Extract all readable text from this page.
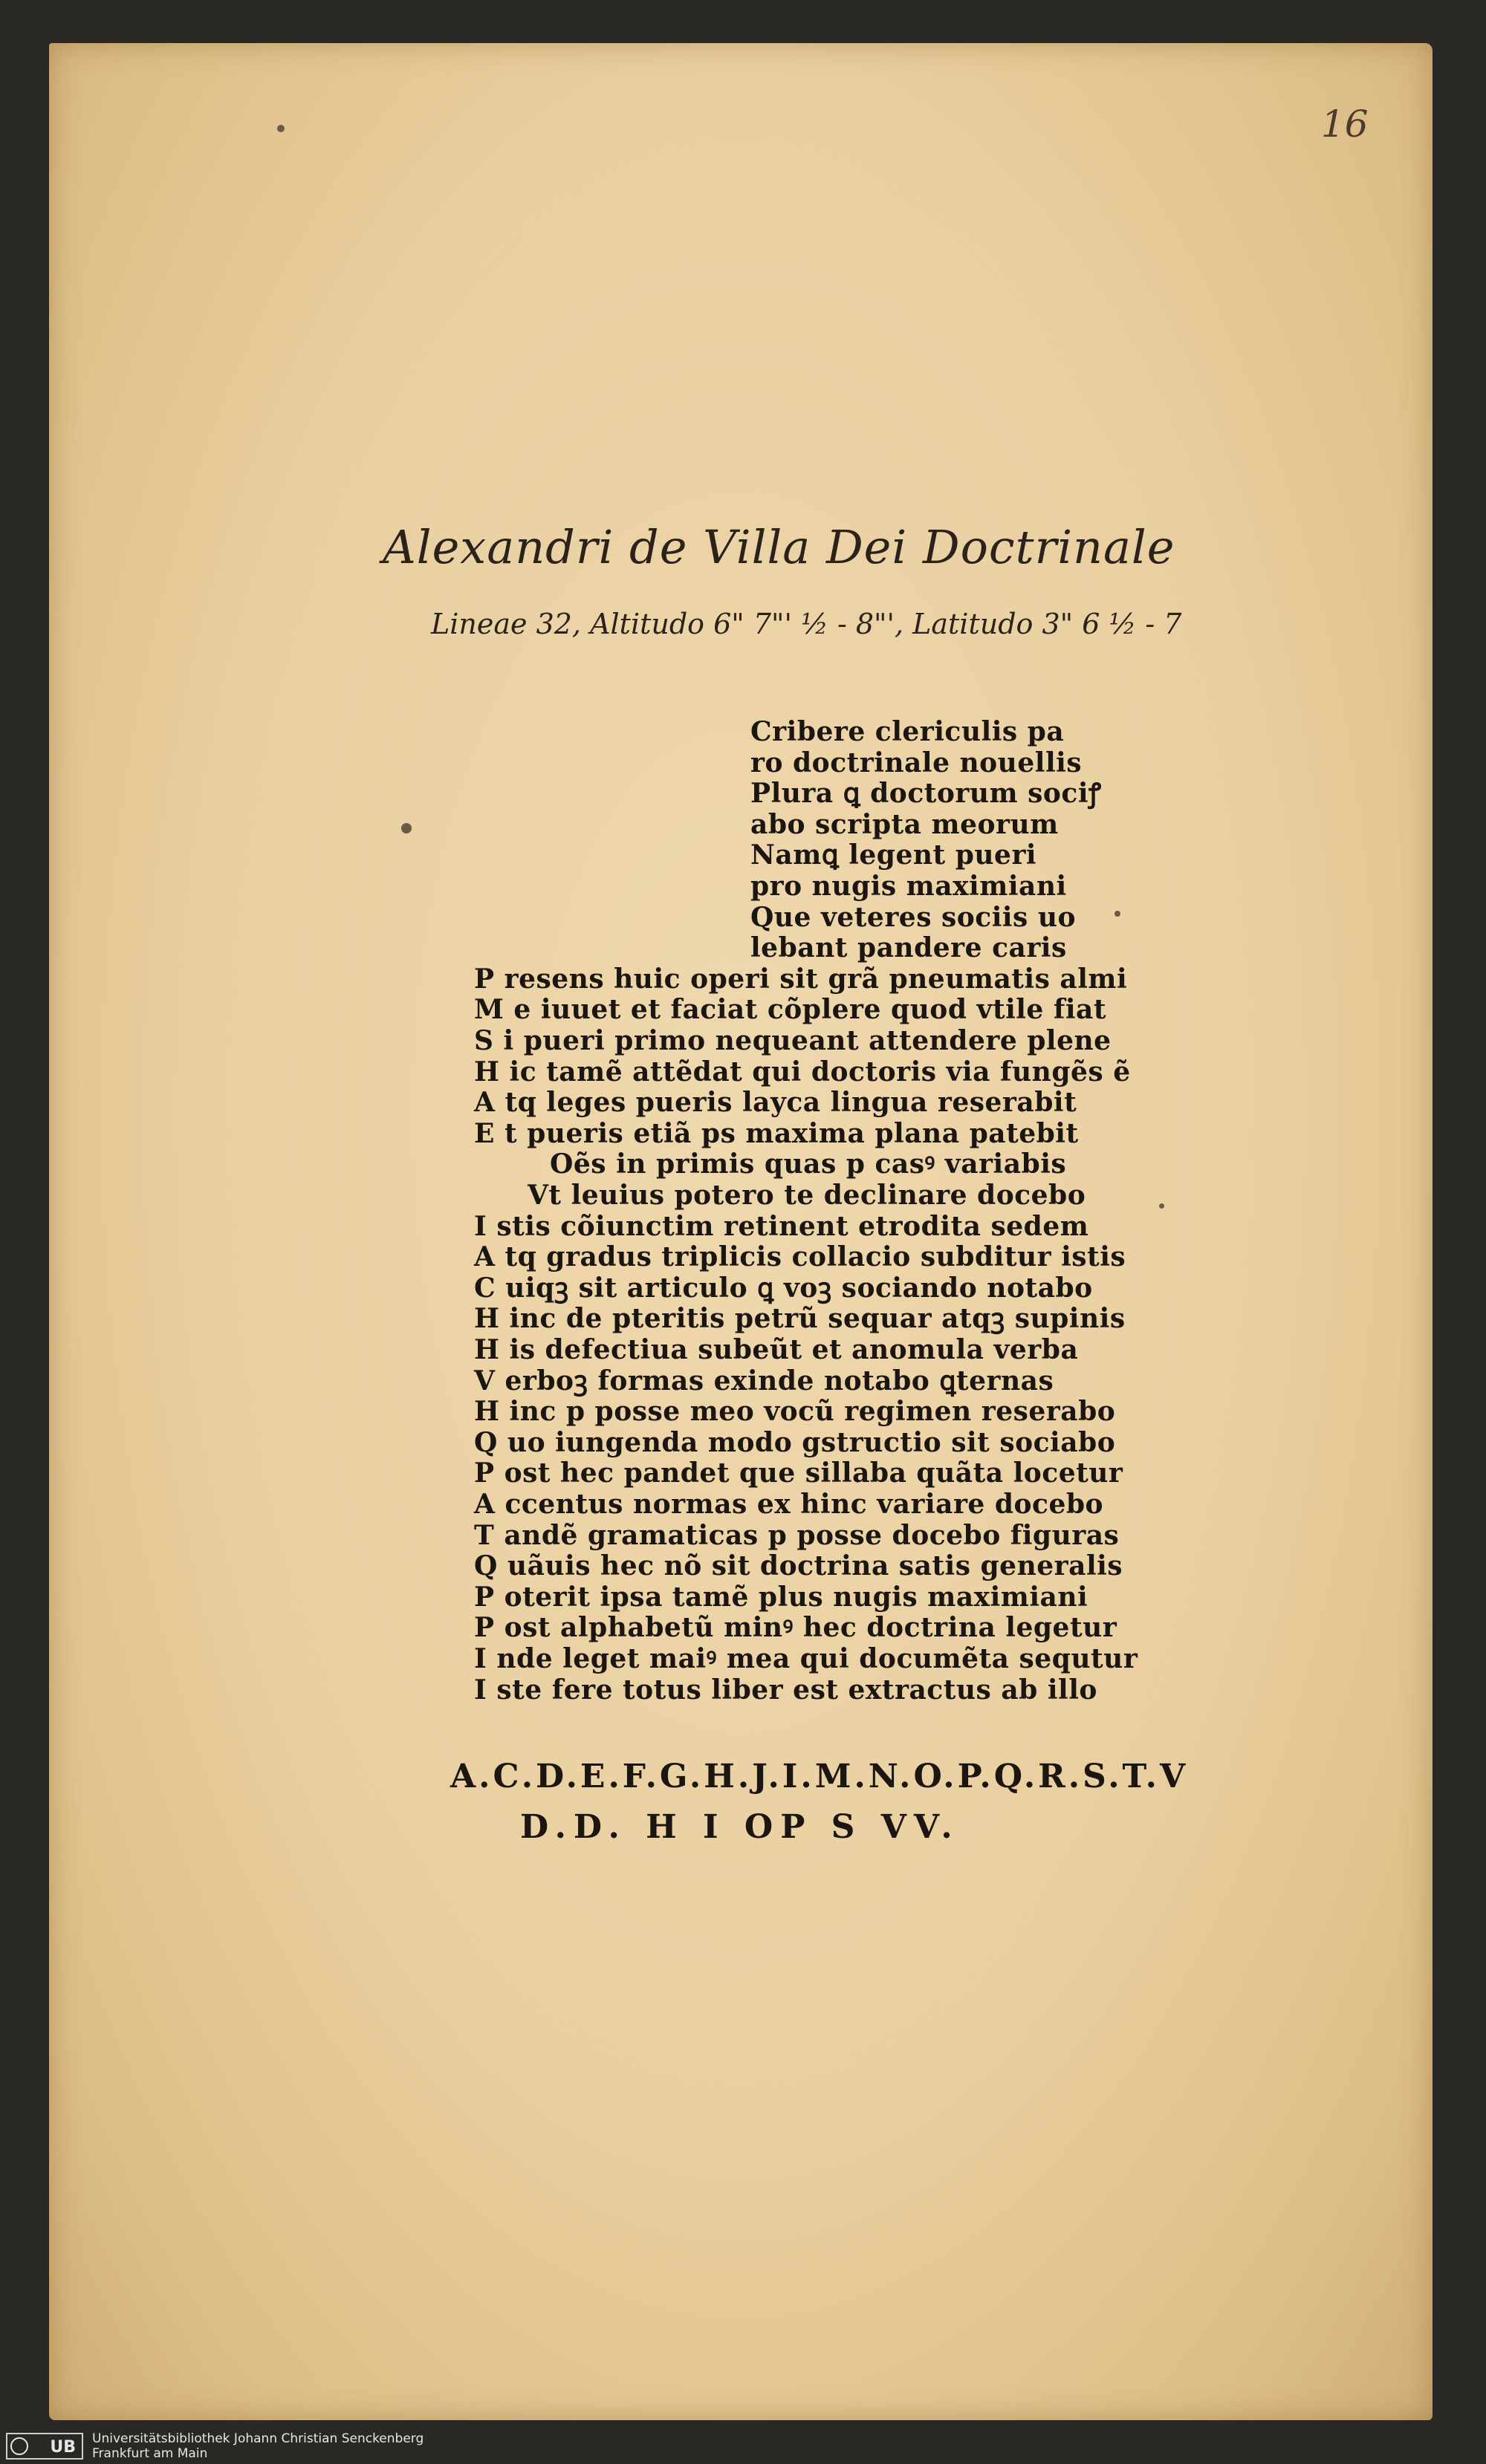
16
Alexandri de Villa Dei Doctrinale
Lineae 32, Altitudo 6" 7"' ½ - 8"', Latitudo 3" 6 ½ - 7
Cribere clericulis pa
ro doctrinale nouellis
Plura ꝗ doctorum sociꝭ
abo scripta meorum
Namꝗ legent pueri
pro nugis maximiani
Que veteres sociis uo
lebant pandere caris
P resens huic operi sit grã pneumatis almi
M e iuuet et faciat cõplere quod vtile fiat
S i pueri primo nequeant attendere plene
H ic tamẽ attẽdat qui doctoris via fungẽs ẽ
A tq leges pueris layca lingua reserabit
E t pueris etiã ps maxima plana patebit
Oẽs in primis quas p casꝰ variabis
Vt leuius potero te declinare docebo
I stis cõiunctim retinent etrodita sedem
A tq gradus triplicis collacio subditur istis
C uiqꝫ sit articulo ꝗ voꝫ sociando notabo
H inc de pteritis petrũ sequar atqꝫ supinis
H is defectiua subeũt et anomula verba
V erboꝫ formas exinde notabo ꝗternas
H inc p posse meo vocũ regimen reserabo
Q uo iungenda modo gstructio sit sociabo
P ost hec pandet que sillaba quãta locetur
A ccentus normas ex hinc variare docebo
T andẽ gramaticas p posse docebo figuras
Q uãuis hec nõ sit doctrina satis generalis
P oterit ipsa tamẽ plus nugis maximiani
P ost alphabetũ minꝰ hec doctrina legetur
I nde leget maiꝰ mea qui documẽta sequtur
I ste fere totus liber est extractus ab illo
A.C.D.E.F.G.H.J.I.M.N.O.P.Q.R.S.T.V
D.D. H I OP S VV.
UB	Universitätsbibliothek Johann Christian Senckenberg
Frankfurt am Main
